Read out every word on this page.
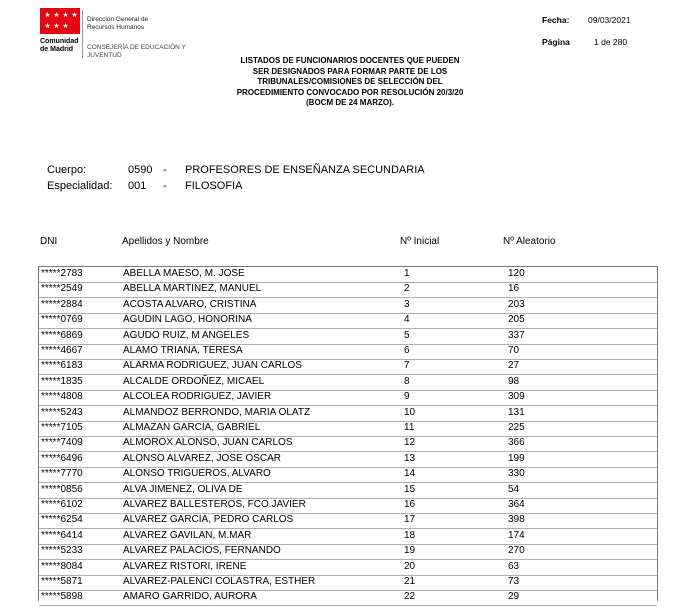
★ ★ ★ ★
★ ★ ★
Comunidad de Madrid
Dirección General de Recursos Humanos
CONSEJERÍA DE EDUCACIÓN Y JUVENTUD
Fecha: 09/03/2021
Página	1 de 280
LISTADOS DE FUNCIONARIOS DOCENTES QUE PUEDEN
SER DESIGNADOS PARA FORMAR PARTE DE LOS
TRIBUNALES/COMISIONES DE SELECCIÓN DEL
PROCEDIMIENTO CONVOCADO POR RESOLUCIÓN 20/3/20
(BOCM DE 24 MARZO).
Cuerpo:	0590 - PROFESORES DE ENSEÑANZA SECUNDARIA
Especialidad: 001 - FILOSOFIA
DNI	Apellidos y Nombre	Nº Inicial	Nº Aleatorio
*****2783	ABELLA MAESO, M. JOSE	1	120
*****2549	ABELLA MARTINEZ, MANUEL	2	16
*****2884	ACOSTA ALVARO, CRISTINA	3	203
*****0769	AGUDIN LAGO, HONORINA	4	205
*****6869	AGUDO RUIZ, M ANGELES	5	337
*****4667	ALAMO TRIANA, TERESA	6	70
*****6183	ALARMA RODRIGUEZ, JUAN CARLOS	7	27
*****1835	ALCALDE ORDOÑEZ, MICAEL	8	98
*****4808	ALCOLEA RODRIGUEZ, JAVIER	9	309
*****5243	ALMANDOZ BERRONDO, MARIA OLATZ	10	131
*****7105	ALMAZAN GARCIA, GABRIEL	11	225
*****7409	ALMOROX ALONSO, JUAN CARLOS	12	366
*****6496	ALONSO ALVAREZ, JOSE OSCAR	13	199
*****7770	ALONSO TRIGUEROS, ALVARO	14	330
*****0856	ALVA JIMENEZ, OLIVA DE	15	54
*****6102	ALVAREZ BALLESTEROS, FCO.JAVIER	16	364
*****6254	ALVAREZ GARCIA, PEDRO CARLOS	17	398
*****6414	ALVAREZ GAVILAN, M.MAR	18	174
*****5233	ALVAREZ PALACIOS, FERNANDO	19	270
*****8084	ALVAREZ RISTORI, IRENE	20	63
*****5871	ALVAREZ-PALENCI COLASTRA, ESTHER	21	73
*****5898	AMARO GARRIDO, AURORA	22	29
